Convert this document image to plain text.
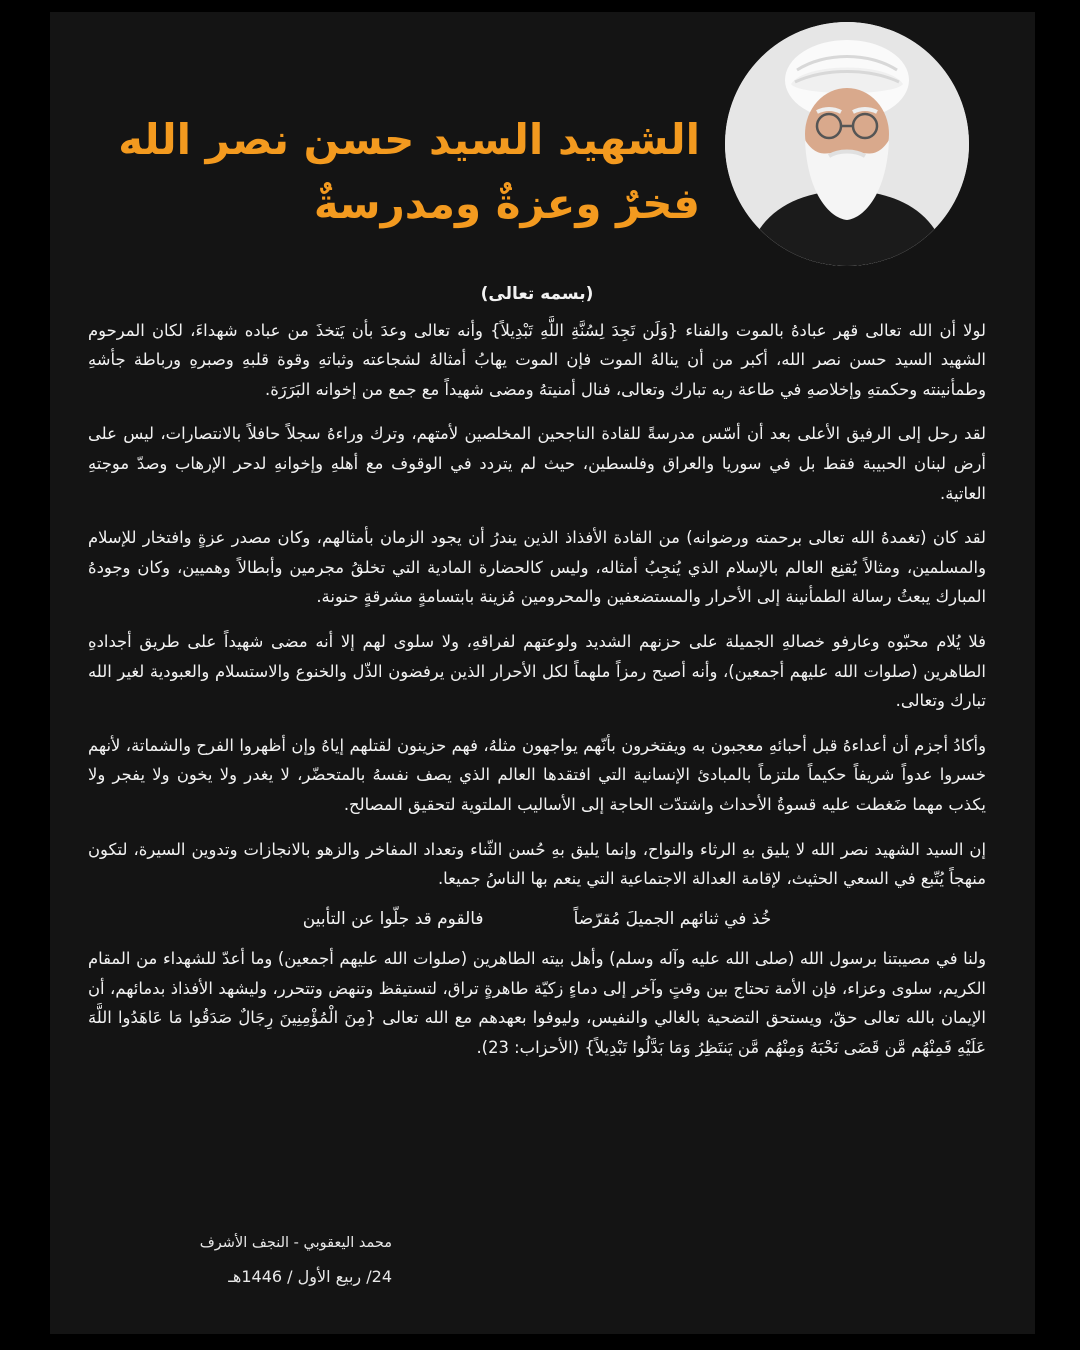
الشهيد السيد حسن نصر الله
فخرٌ وعزةٌ ومدرسةٌ
(بسمه تعالى)

لولا أن الله تعالى قهر عبادهُ بالموت والفناء {وَلَن تَجِدَ لِسُنَّةِ اللَّهِ تَبْدِيلاً} وأنه تعالى وعدَ بأن يَتخذَ من عباده شهداءَ، لكان المرحوم الشهيد السيد حسن نصر الله، أكبر من أن ينالهُ الموت فإن الموت يهابُ أمثالهُ لشجاعته وثباتهِ وقوة قلبهِ وصبرهِ ورباطة جأشهِ وطمأنينته وحكمتهِ وإخلاصهِ في طاعة ربه تبارك وتعالى، فنال أمنيتهُ ومضى شهيداً مع جمع من إخوانه البَرَرَة.

لقد رحل إلى الرفيق الأعلى بعد أن أسّس مدرسةً للقادة الناجحين المخلصين لأمتهم، وترك وراءهُ سجلاً حافلاً بالانتصارات، ليس على أرض لبنان الحبيبة فقط بل في سوريا والعراق وفلسطين، حيث لم يتردد في الوقوف مع أهلهِ وإخوانهِ لدحر الإرهاب وصدّ موجتهِ العاتية.

لقد كان (تغمدهُ الله تعالى برحمته ورضوانه) من القادة الأفذاذ الذين يندرُ أن يجود الزمان بأمثالهم، وكان مصدر عزةٍ وافتخار للإسلام والمسلمين، ومثالاً يُقنِع العالم بالإسلام الذي يُنجِبُ أمثاله، وليس كالحضارة المادية التي تخلقُ مجرمين وأبطالاً وهميين، وكان وجودهُ المبارك يبعثُ رسالة الطمأنينة إلى الأحرار والمستضعفين والمحرومين مُزينة بابتسامةٍ مشرقةٍ حنونة.

فلا يُلام محبّوه وعارفو خصالهِ الجميلة على حزنهم الشديد ولوعتهم لفراقهِ، ولا سلوى لهم إلا أنه مضى شهيداً على طريق أجدادهِ الطاهرين (صلوات الله عليهم أجمعين)، وأنه أصبح رمزاً ملهماً لكل الأحرار الذين يرفضون الذّل والخنوع والاستسلام والعبودية لغير الله تبارك وتعالى.

وأكادُ أجزم أن أعداءهُ قبل أحبائهِ معجبون به ويفتخرون بأنّهم يواجهون مثلهُ، فهم حزينون لقتلهم إياهُ وإن أظهروا الفرح والشماتة، لأنهم خسروا عدواً شريفاً حكيماً ملتزماً بالمبادئ الإنسانية التي افتقدها العالم الذي يصف نفسهُ بالمتحضّر، لا يغدر ولا يخون ولا يفجر ولا يكذب مهما ضَغطت عليه قسوةُ الأحداث واشتدّت الحاجة إلى الأساليب الملتوية لتحقيق المصالح.

إن السيد الشهيد نصر الله لا يليق بهِ الرثاء والنواح، وإنما يليق بهِ حُسن الثّناء وتعداد المفاخر والزهو بالانجازات وتدوين السيرة، لتكون منهجاً يُتّبع في السعي الحثيث، لإقامة العدالة الاجتماعية التي ينعم بها الناسُ جميعا.

خُذ في ثنائهم الجميلَ مُقرّضاً
فالقوم قد جلّوا عن التأبين

ولنا في مصيبتنا برسول الله (صلى الله عليه وآله وسلم) وأهل بيته الطاهرين (صلوات الله عليهم أجمعين) وما أعدّ للشهداء من المقام الكريم، سلوى وعزاء، فإن الأمة تحتاج بين وقتٍ وآخر إلى دماءٍ زكيّة طاهرةٍ تراق، لتستيقظ وتنهض وتتحرر، وليشهد الأفذاذ بدمائهم، أن الإيمان بالله تعالى حقّ، ويستحق التضحية بالغالي والنفيس، وليوفوا بعهدهم مع الله تعالى {مِنَ الْمُؤْمِنِينَ رِجَالٌ صَدَقُوا مَا عَاهَدُوا اللَّهَ عَلَيْهِ فَمِنْهُم مَّن قَضَى نَحْبَهُ وَمِنْهُم مَّن يَنتَظِرُ وَمَا بَدَّلُوا تَبْدِيلاً} (الأحزاب: 23).

محمد اليعقوبي - النجف الأشرف
24/ ربيع الأول / 1446هـ
